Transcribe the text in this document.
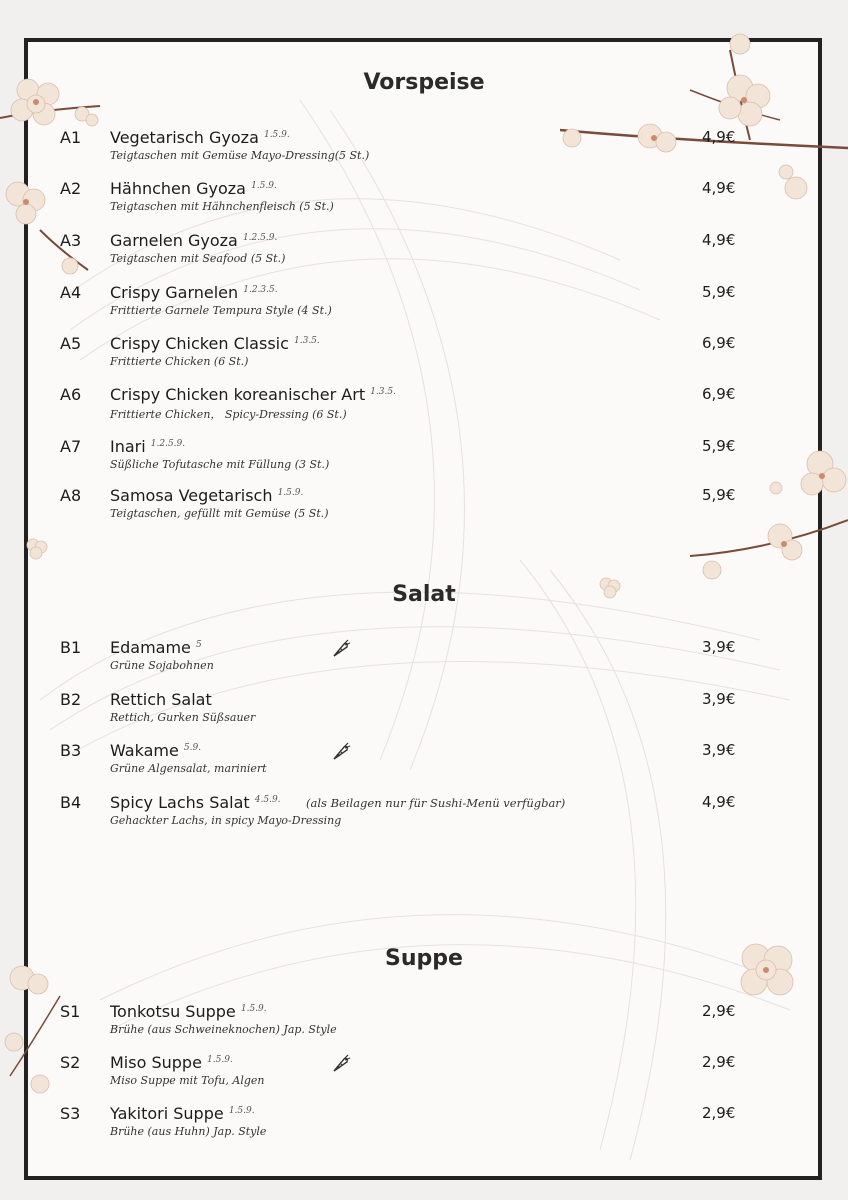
Vorspeise
Salat
Suppe
A1 Vegetarisch Gyoza $^{1.5.9.}$
Teigtaschen mit Gemüse Mayo-Dressing(5 St.)
4,9€
A2 Hähnchen Gyoza $^{1.5.9.}$
Teigtaschen mit Hähnchenfleisch (5 St.)
4,9€
A3 Garnelen Gyoza $^{1.2.5.9.}$
Teigtaschen mit Seafood (5 St.)
4,9€
A4 Crispy Garnelen $^{1.2.3.5.}$
Frittierte Garnele Tempura Style (4 St.)
5,9€
A5 Crispy Chicken Classic $^{1.3.5.}$
Frittierte Chicken (6 St.)
6,9€
A6 Crispy Chicken koreanischer Art $^{1.3.5.}$
Frittierte Chicken， Spicy-Dressing (6 St.)
6,9€
A7 Inari $^{1.2.5.9.}$
Süßliche Tofutasche mit Füllung (3 St.)
5,9€
A8 Samosa Vegetarisch $^{1.5.9.}$
Teigtaschen, gefüllt mit Gemüse (5 St.)
5,9€
B1 Edamame $^5$
Grüne Sojabohnen
3,9€
B2 Rettich Salat
Rettich, Gurken Süßsauer
3,9€
B3 Wakame $^{5.9.}$
Grüne Algensalat, mariniert
3,9€
B4 Spicy Lachs Salat $^{4.5.9.}$ (als Beilagen nur für Sushi-Menü verfügbar)
Gehackter Lachs, in spicy Mayo-Dressing
4,9€
S1 Tonkotsu Suppe $^{1.5.9.}$
Brühe (aus Schweineknochen) Jap. Style
2,9€
S2 Miso Suppe $^{1.5.9.}$
Miso Suppe mit Tofu, Algen
2,9€
S3 Yakitori Suppe $^{1.5.9.}$
Brühe (aus Huhn) Jap. Style
2,9€
